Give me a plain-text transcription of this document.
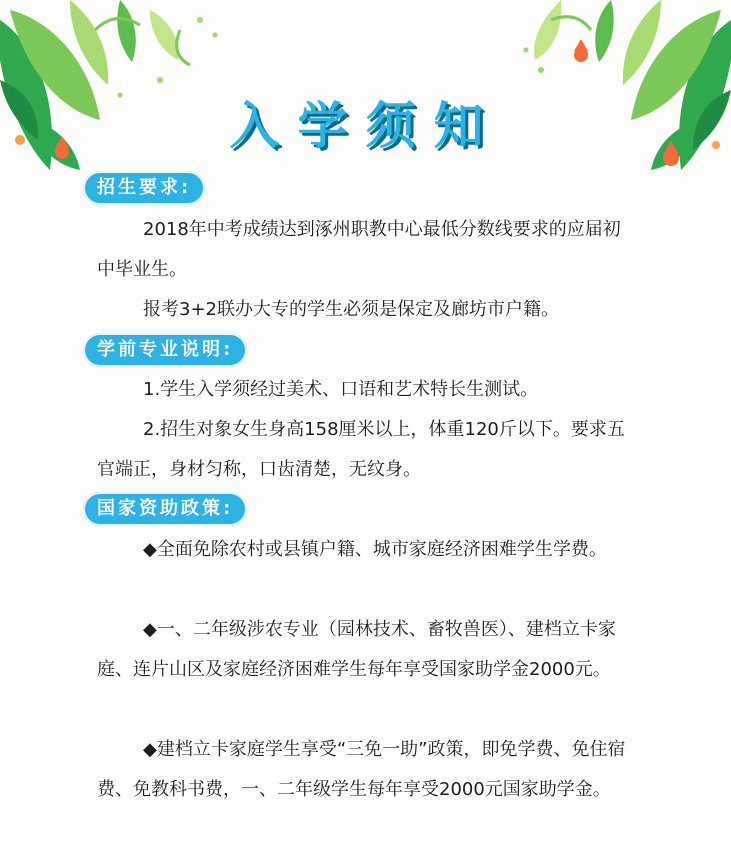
入学须知
招生要求:

2018年中考成绩达到涿州职教中心最低分数线要求的应届初中毕业生。

报考3+2联办大专的学生必须是保定及廊坊市户籍。

学前专业说明:

1.学生入学须经过美术、口语和艺术特长生测试。

2.招生对象女生身高158厘米以上，体重120斤以下。要求五官端正，身材匀称，口齿清楚，无纹身。

国家资助政策:

◆全面免除农村或县镇户籍、城市家庭经济困难学生学费。

◆一、二年级涉农专业（园林技术、畜牧兽医）、建档立卡家庭、连片山区及家庭经济困难学生每年享受国家助学金2000元。

◆建档立卡家庭学生享受“三免一助”政策，即免学费、免住宿费、免教科书费，一、二年级学生每年享受2000元国家助学金。
